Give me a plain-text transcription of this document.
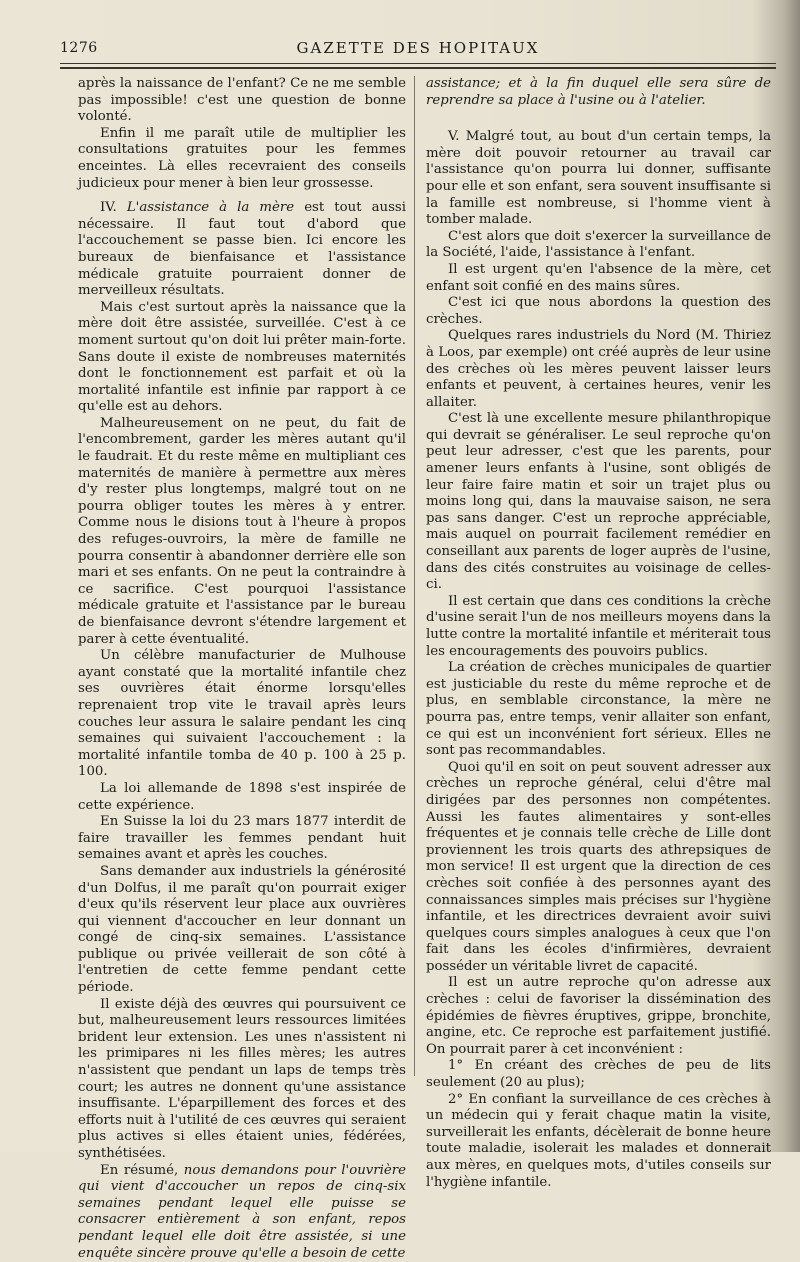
1276	GAZETTE DES HOPITAUX

après la naissance de l'enfant? Ce ne me semble pas impossible! c'est une question de bonne volonté.

Enfin il me paraît utile de multiplier les consultations gratuites pour les femmes enceintes. Là elles recevraient des conseils judicieux pour mener à bien leur grossesse.

IV. L'assistance à la mère est tout aussi nécessaire. Il faut tout d'abord que l'accouchement se passe bien. Ici encore les bureaux de bienfaisance et l'assistance médicale gratuite pourraient donner de merveilleux résultats.

Mais c'est surtout après la naissance que la mère doit être assistée, surveillée. C'est à ce moment surtout qu'on doit lui prêter main-forte. Sans doute il existe de nombreuses maternités dont le fonctionnement est parfait et où la mortalité infantile est infinie par rapport à ce qu'elle est au dehors.

Malheureusement on ne peut, du fait de l'encombrement, garder les mères autant qu'il le faudrait. Et du reste même en multipliant ces maternités de manière à permettre aux mères d'y rester plus longtemps, malgré tout on ne pourra obliger toutes les mères à y entrer. Comme nous le disions tout à l'heure à propos des refuges-ouvroirs, la mère de famille ne pourra consentir à abandonner derrière elle son mari et ses enfants. On ne peut la contraindre à ce sacrifice. C'est pourquoi l'assistance médicale gratuite et l'assistance par le bureau de bienfaisance devront s'étendre largement et parer à cette éventualité.

Un célèbre manufacturier de Mulhouse ayant constaté que la mortalité infantile chez ses ouvrières était énorme lorsqu'elles reprenaient trop vite le travail après leurs couches leur assura le salaire pendant les cinq semaines qui suivaient l'accouchement : la mortalité infantile tomba de 40 p. 100 à 25 p. 100.

La loi allemande de 1898 s'est inspirée de cette expérience.

En Suisse la loi du 23 mars 1877 interdit de faire travailler les femmes pendant huit semaines avant et après les couches.

Sans demander aux industriels la générosité d'un Dolfus, il me paraît qu'on pourrait exiger d'eux qu'ils réservent leur place aux ouvrières qui viennent d'accoucher en leur donnant un congé de cinq-six semaines. L'assistance publique ou privée veillerait de son côté à l'entretien de cette femme pendant cette période.

Il existe déjà des œuvres qui poursuivent ce but, malheureusement leurs ressources limitées brident leur extension. Les unes n'assistent ni les primipares ni les filles mères; les autres n'assistent que pendant un laps de temps très court; les autres ne donnent qu'une assistance insuffisante. L'éparpillement des forces et des efforts nuit à l'utilité de ces œuvres qui seraient plus actives si elles étaient unies, fédérées, synthétisées.

En résumé, nous demandons pour l'ouvrière qui vient d'accoucher un repos de cinq-six semaines pendant lequel elle puisse se consacrer entièrement à son enfant, repos pendant lequel elle doit être assistée, si une enquête sincère prouve qu'elle a besoin de cette

assistance; et à la fin duquel elle sera sûre de reprendre sa place à l'usine ou à l'atelier.

V. Malgré tout, au bout d'un certain temps, la mère doit pouvoir retourner au travail car l'assistance qu'on pourra lui donner, suffisante pour elle et son enfant, sera souvent insuffisante si la famille est nombreuse, si l'homme vient à tomber malade.

C'est alors que doit s'exercer la surveillance de la Société, l'aide, l'assistance à l'enfant.

Il est urgent qu'en l'absence de la mère, cet enfant soit confié en des mains sûres.

C'est ici que nous abordons la question des crèches.

Quelques rares industriels du Nord (M. Thiriez à Loos, par exemple) ont créé auprès de leur usine des crèches où les mères peuvent laisser leurs enfants et peuvent, à certaines heures, venir les allaiter.

C'est là une excellente mesure philanthropique qui devrait se généraliser. Le seul reproche qu'on peut leur adresser, c'est que les parents, pour amener leurs enfants à l'usine, sont obligés de leur faire faire matin et soir un trajet plus ou moins long qui, dans la mauvaise saison, ne sera pas sans danger. C'est un reproche appréciable, mais auquel on pourrait facilement remédier en conseillant aux parents de loger auprès de l'usine, dans des cités construites au voisinage de celles-ci.

Il est certain que dans ces conditions la crèche d'usine serait l'un de nos meilleurs moyens dans la lutte contre la mortalité infantile et mériterait tous les encouragements des pouvoirs publics.

La création de crèches municipales de quartier est justiciable du reste du même reproche et de plus, en semblable circonstance, la mère ne pourra pas, entre temps, venir allaiter son enfant, ce qui est un inconvénient fort sérieux. Elles ne sont pas recommandables.

Quoi qu'il en soit on peut souvent adresser aux crèches un reproche général, celui d'être mal dirigées par des personnes non compétentes. Aussi les fautes alimentaires y sont-elles fréquentes et je connais telle crèche de Lille dont proviennent les trois quarts des athrepsiques de mon service! Il est urgent que la direction de ces crèches soit confiée à des personnes ayant des connaissances simples mais précises sur l'hygiène infantile, et les directrices devraient avoir suivi quelques cours simples analogues à ceux que l'on fait dans les écoles d'infirmières, devraient posséder un véritable livret de capacité.

Il est un autre reproche qu'on adresse aux crèches : celui de favoriser la dissémination des épidémies de fièvres éruptives, grippe, bronchite, angine, etc. Ce reproche est parfaitement justifié. On pourrait parer à cet inconvénient :

1° En créant des crèches de peu de lits seulement (20 au plus);

2° En confiant la surveillance de ces crèches à un médecin qui y ferait chaque matin la visite, surveillerait les enfants, décèlerait de bonne heure toute maladie, isolerait les malades et donnerait aux mères, en quelques mots, d'utiles conseils sur l'hygiène infantile.
